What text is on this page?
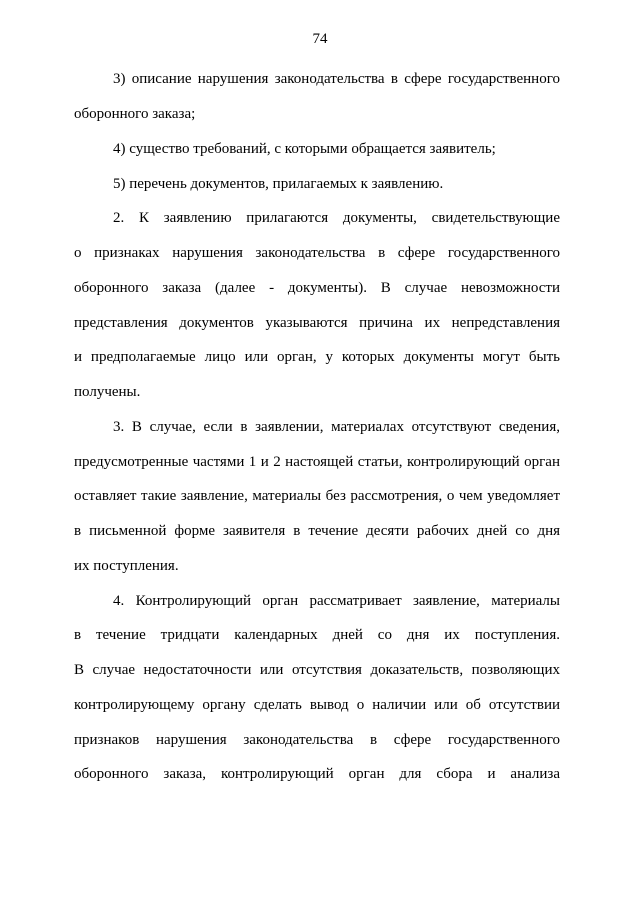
74
3) описание нарушения законодательства в сфере государственного
оборонного заказа;
4) существо требований, с которыми обращается заявитель;
5) перечень документов, прилагаемых к заявлению.
2. К заявлению прилагаются документы, свидетельствующие
о признаках нарушения законодательства в сфере государственного
оборонного заказа (далее - документы). В случае невозможности
представления документов указываются причина их непредставления
и предполагаемые лицо или орган, у которых документы могут быть
получены.
3. В случае, если в заявлении, материалах отсутствуют сведения,
предусмотренные частями 1 и 2 настоящей статьи, контролирующий орган
оставляет такие заявление, материалы без рассмотрения, о чем уведомляет
в письменной форме заявителя в течение десяти рабочих дней со дня
их поступления.
4. Контролирующий орган рассматривает заявление, материалы
в течение тридцати календарных дней со дня их поступления.
В случае недостаточности или отсутствия доказательств, позволяющих
контролирующему органу сделать вывод о наличии или об отсутствии
признаков нарушения законодательства в сфере государственного
оборонного заказа, контролирующий орган для сбора и анализа
